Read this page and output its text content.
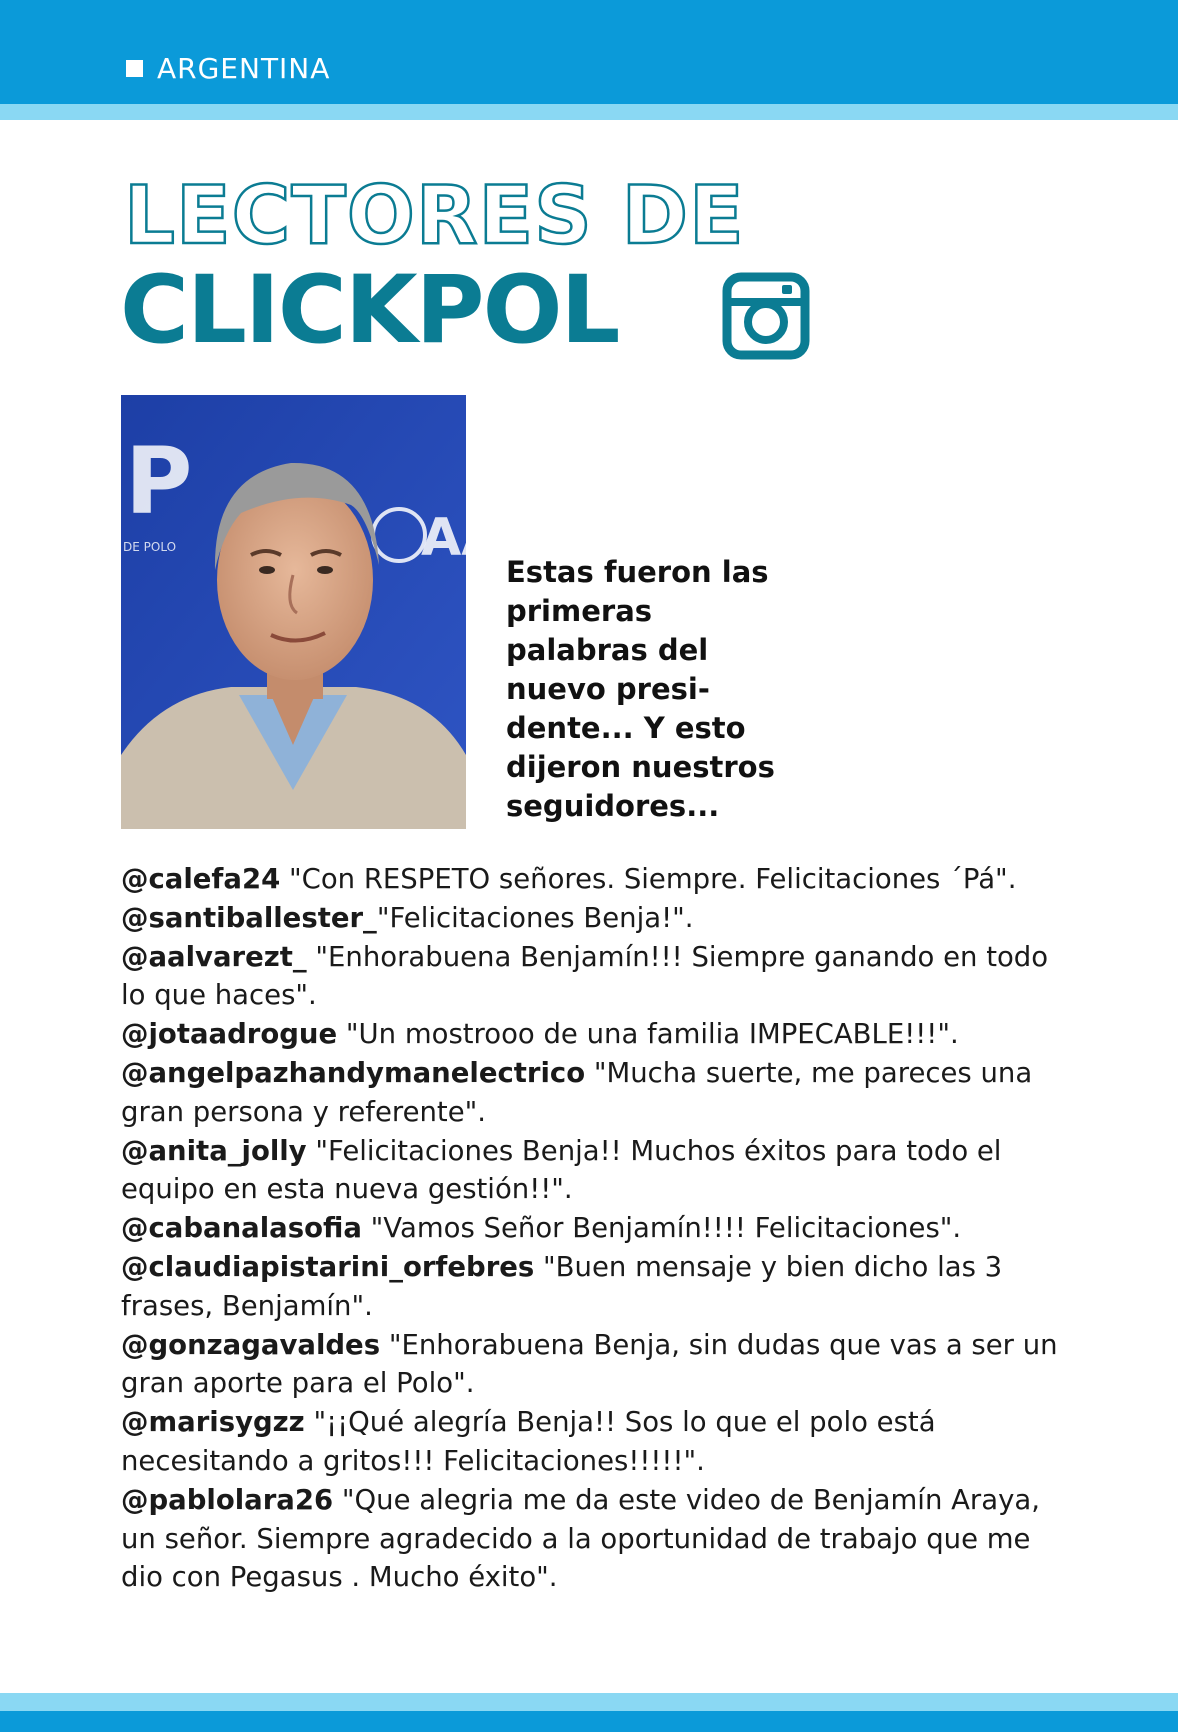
ARGENTINA
LECTORES DE
CLICKPOL
P
DE POLO	AA
Estas fueron las
primeras
palabras del
nuevo presi-
dente... Y esto
dijeron nuestros
seguidores...

@calefa24 "Con RESPETO señores. Siempre. Felicitaciones ´Pá".

@santiballester_"Felicitaciones Benja!".

@aalvarezt_ "Enhorabuena Benjamín!!! Siempre ganando en todo lo que haces".

@jotaadrogue "Un mostrooo de una familia IMPECABLE!!!".

@angelpazhandymanelectrico "Mucha suerte, me pareces una gran persona y referente".

@anita_jolly "Felicitaciones Benja!! Muchos éxitos para todo el equipo en esta nueva gestión!!".

@cabanalasofia "Vamos Señor Benjamín!!!! Felicitaciones".

@claudiapistarini_orfebres "Buen mensaje y bien dicho las 3 frases, Benjamín".

@gonzagavaldes "Enhorabuena Benja, sin dudas que vas a ser un gran aporte para el Polo".

@marisygzz "¡¡Qué alegría Benja!! Sos lo que el polo está necesitando a gritos!!! Felicitaciones!!!!!".

@pablolara26 "Que alegria me da este video de Benjamín Araya, un señor. Siempre agradecido a la oportunidad de trabajo que me dio con Pegasus . Mucho éxito".
